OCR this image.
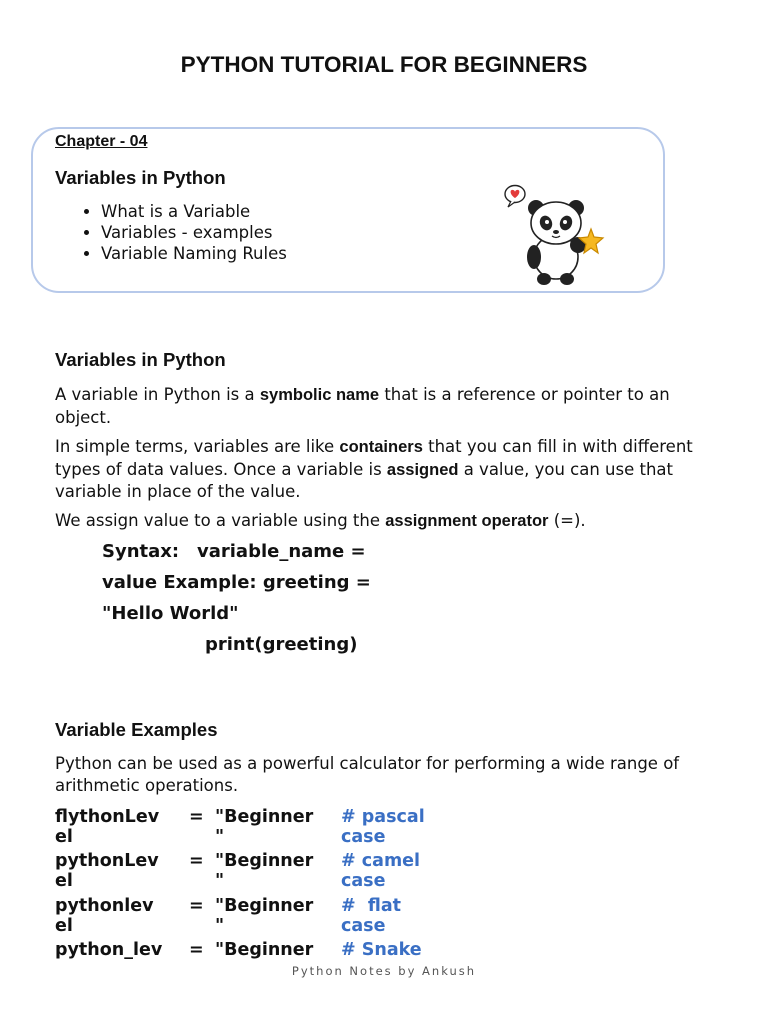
PYTHON TUTORIAL FOR BEGINNERS
Chapter - 04
Variables in Python
• What is a Variable
• Variables - examples
• Variable Naming Rules
Variables in Python
A variable in Python is a symbolic name that is a reference or pointer to an object.
In simple terms, variables are like containers that you can fill in with different types of data values. Once a variable is assigned a value, you can use that variable in place of the value.
We assign value to a variable using the assignment operator (=).
Syntax: variable_name =
value Example: greeting =
"Hello World"
print(greeting)
Variable Examples
Python can be used as a powerful calculator for performing a wide range of arithmetic operations.
flythonLev
el
= "Beginner
"
# pascal
case
pythonLev
el
= "Beginner
"
# camel
case
pythonlev
el
= "Beginner
"
#  flat
case
python_lev = "Beginner # Snake
Python Notes by Ankush
